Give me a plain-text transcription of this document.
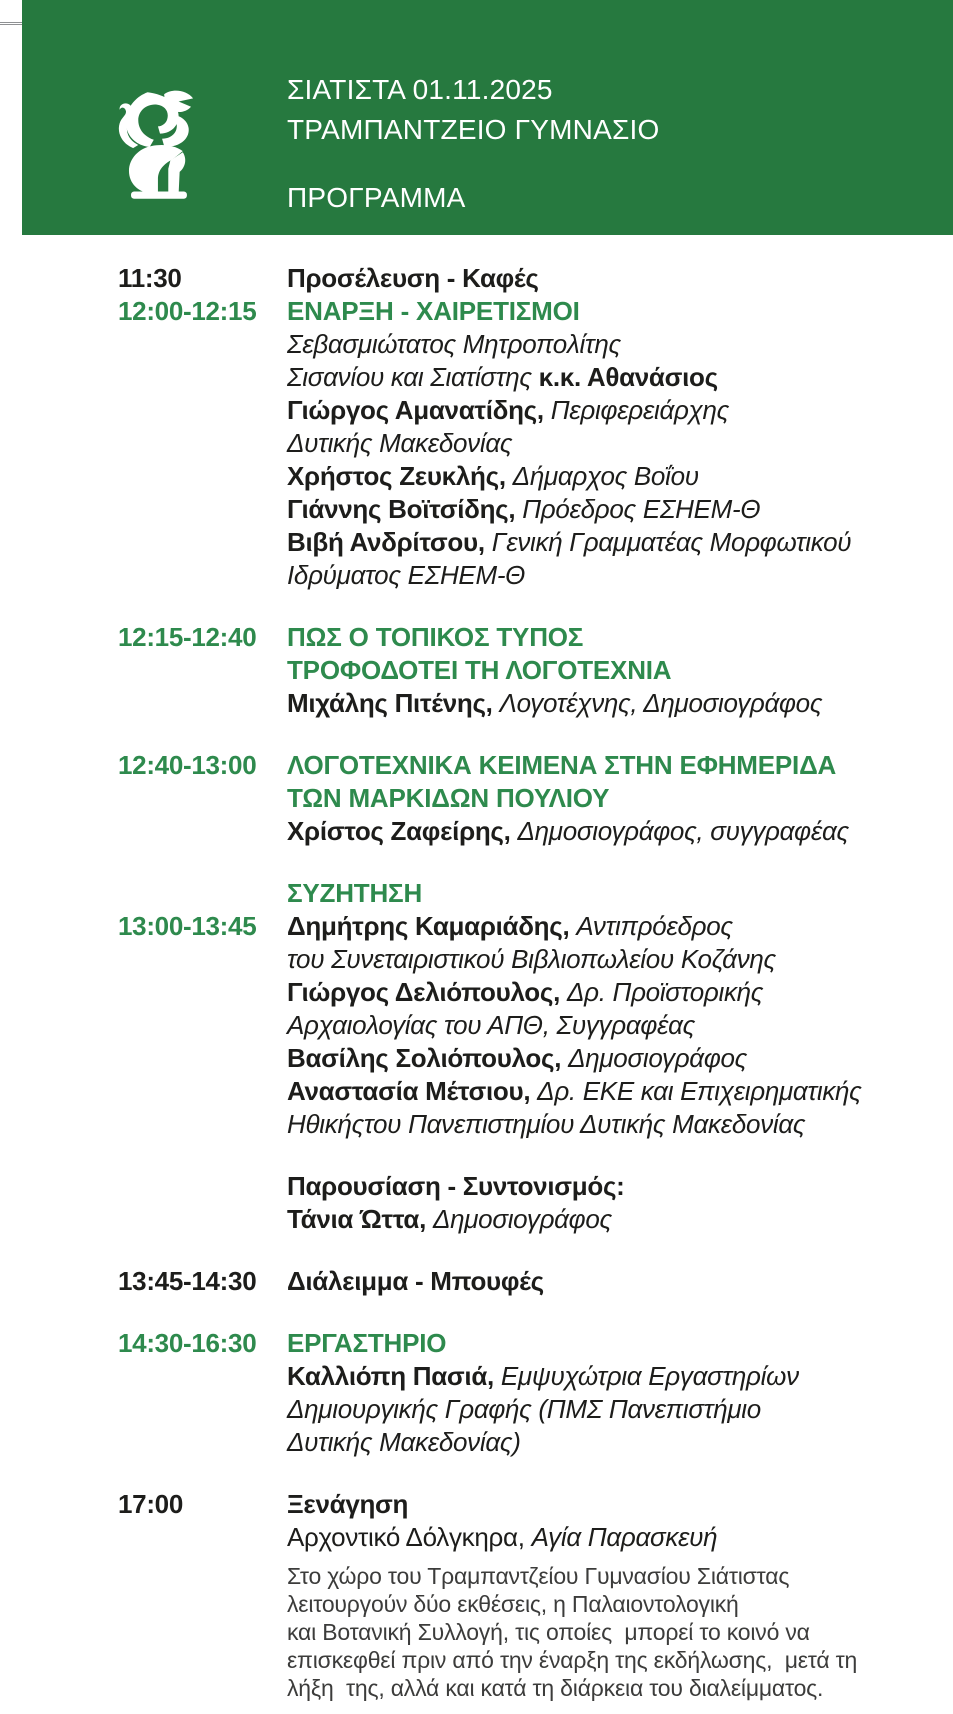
ΣΙΑΤΙΣΤΑ 01.11.2025
ΤΡΑΜΠΑΝΤΖΕΙΟ ΓΥΜΝΑΣΙΟ
ΠΡΟΓΡΑΜΜΑ
11:30	Προσέλευση - Καφές
12:00-12:15	ΕΝΑΡΞΗ - ΧΑΙΡΕΤΙΣΜΟΙ
Σεβασμιώτατος Μητροπολίτης
Σισανίου και Σιατίστης κ.κ. Αθανάσιος
Γιώργος Αμανατίδης, Περιφερειάρχης
Δυτικής Μακεδονίας
Χρήστος Ζευκλής, Δήμαρχος Βοΐου
Γιάννης Βοϊτσίδης, Πρόεδρος ΕΣΗΕΜ-Θ
Βιβή Ανδρίτσου, Γενική Γραμματέας Μορφωτικού
Ιδρύματος ΕΣΗΕΜ-Θ
12:15-12:40	ΠΩΣ Ο ΤΟΠΙΚΟΣ ΤΥΠΟΣ
ΤΡΟΦΟΔΟΤΕΙ ΤΗ ΛΟΓΟΤΕΧΝΙΑ
Μιχάλης Πιτένης, Λογοτέχνης, Δημοσιογράφος
12:40-13:00	ΛΟΓΟΤΕΧΝΙΚΑ ΚΕΙΜΕΝΑ ΣΤΗΝ ΕΦΗΜΕΡΙΔΑ
ΤΩΝ ΜΑΡΚΙΔΩΝ ΠΟΥΛΙΟΥ
Χρίστος Ζαφείρης, Δημοσιογράφος, συγγραφέας
ΣΥΖΗΤΗΣΗ
13:00-13:45	Δημήτρης Καμαριάδης, Αντιπρόεδρος
του Συνεταιριστικού Βιβλιοπωλείου Κοζάνης
Γιώργος Δελιόπουλος, Δρ. Προϊστορικής
Αρχαιολογίας του ΑΠΘ, Συγγραφέας
Βασίλης Σολιόπουλος, Δημοσιογράφος
Αναστασία Μέτσιου, Δρ. ΕΚΕ και Επιχειρηματικής
Ηθικήςτου Πανεπιστημίου Δυτικής Μακεδονίας
Παρουσίαση - Συντονισμός:
Τάνια Ώττα, Δημοσιογράφος
13:45-14:30	Διάλειμμα - Μπουφές
14:30-16:30	ΕΡΓΑΣΤΗΡΙΟ
Καλλιόπη Πασιά, Εμψυχώτρια Εργαστηρίων
Δημιουργικής Γραφής (ΠΜΣ Πανεπιστήμιο
Δυτικής Μακεδονίας)
17:00	Ξενάγηση
Αρχοντικό Δόλγκηρα, Αγία Παρασκευή
Στο χώρο του Τραμπαντζείου Γυμνασίου Σιάτιστας
λειτουργούν δύο εκθέσεις, η Παλαιοντολογική
και Βοτανική Συλλογή, τις οποίες  μπορεί το κοινό να
επισκεφθεί πριν από την έναρξη της εκδήλωσης,  μετά τη
λήξη  της, αλλά και κατά τη διάρκεια του διαλείμματος.
